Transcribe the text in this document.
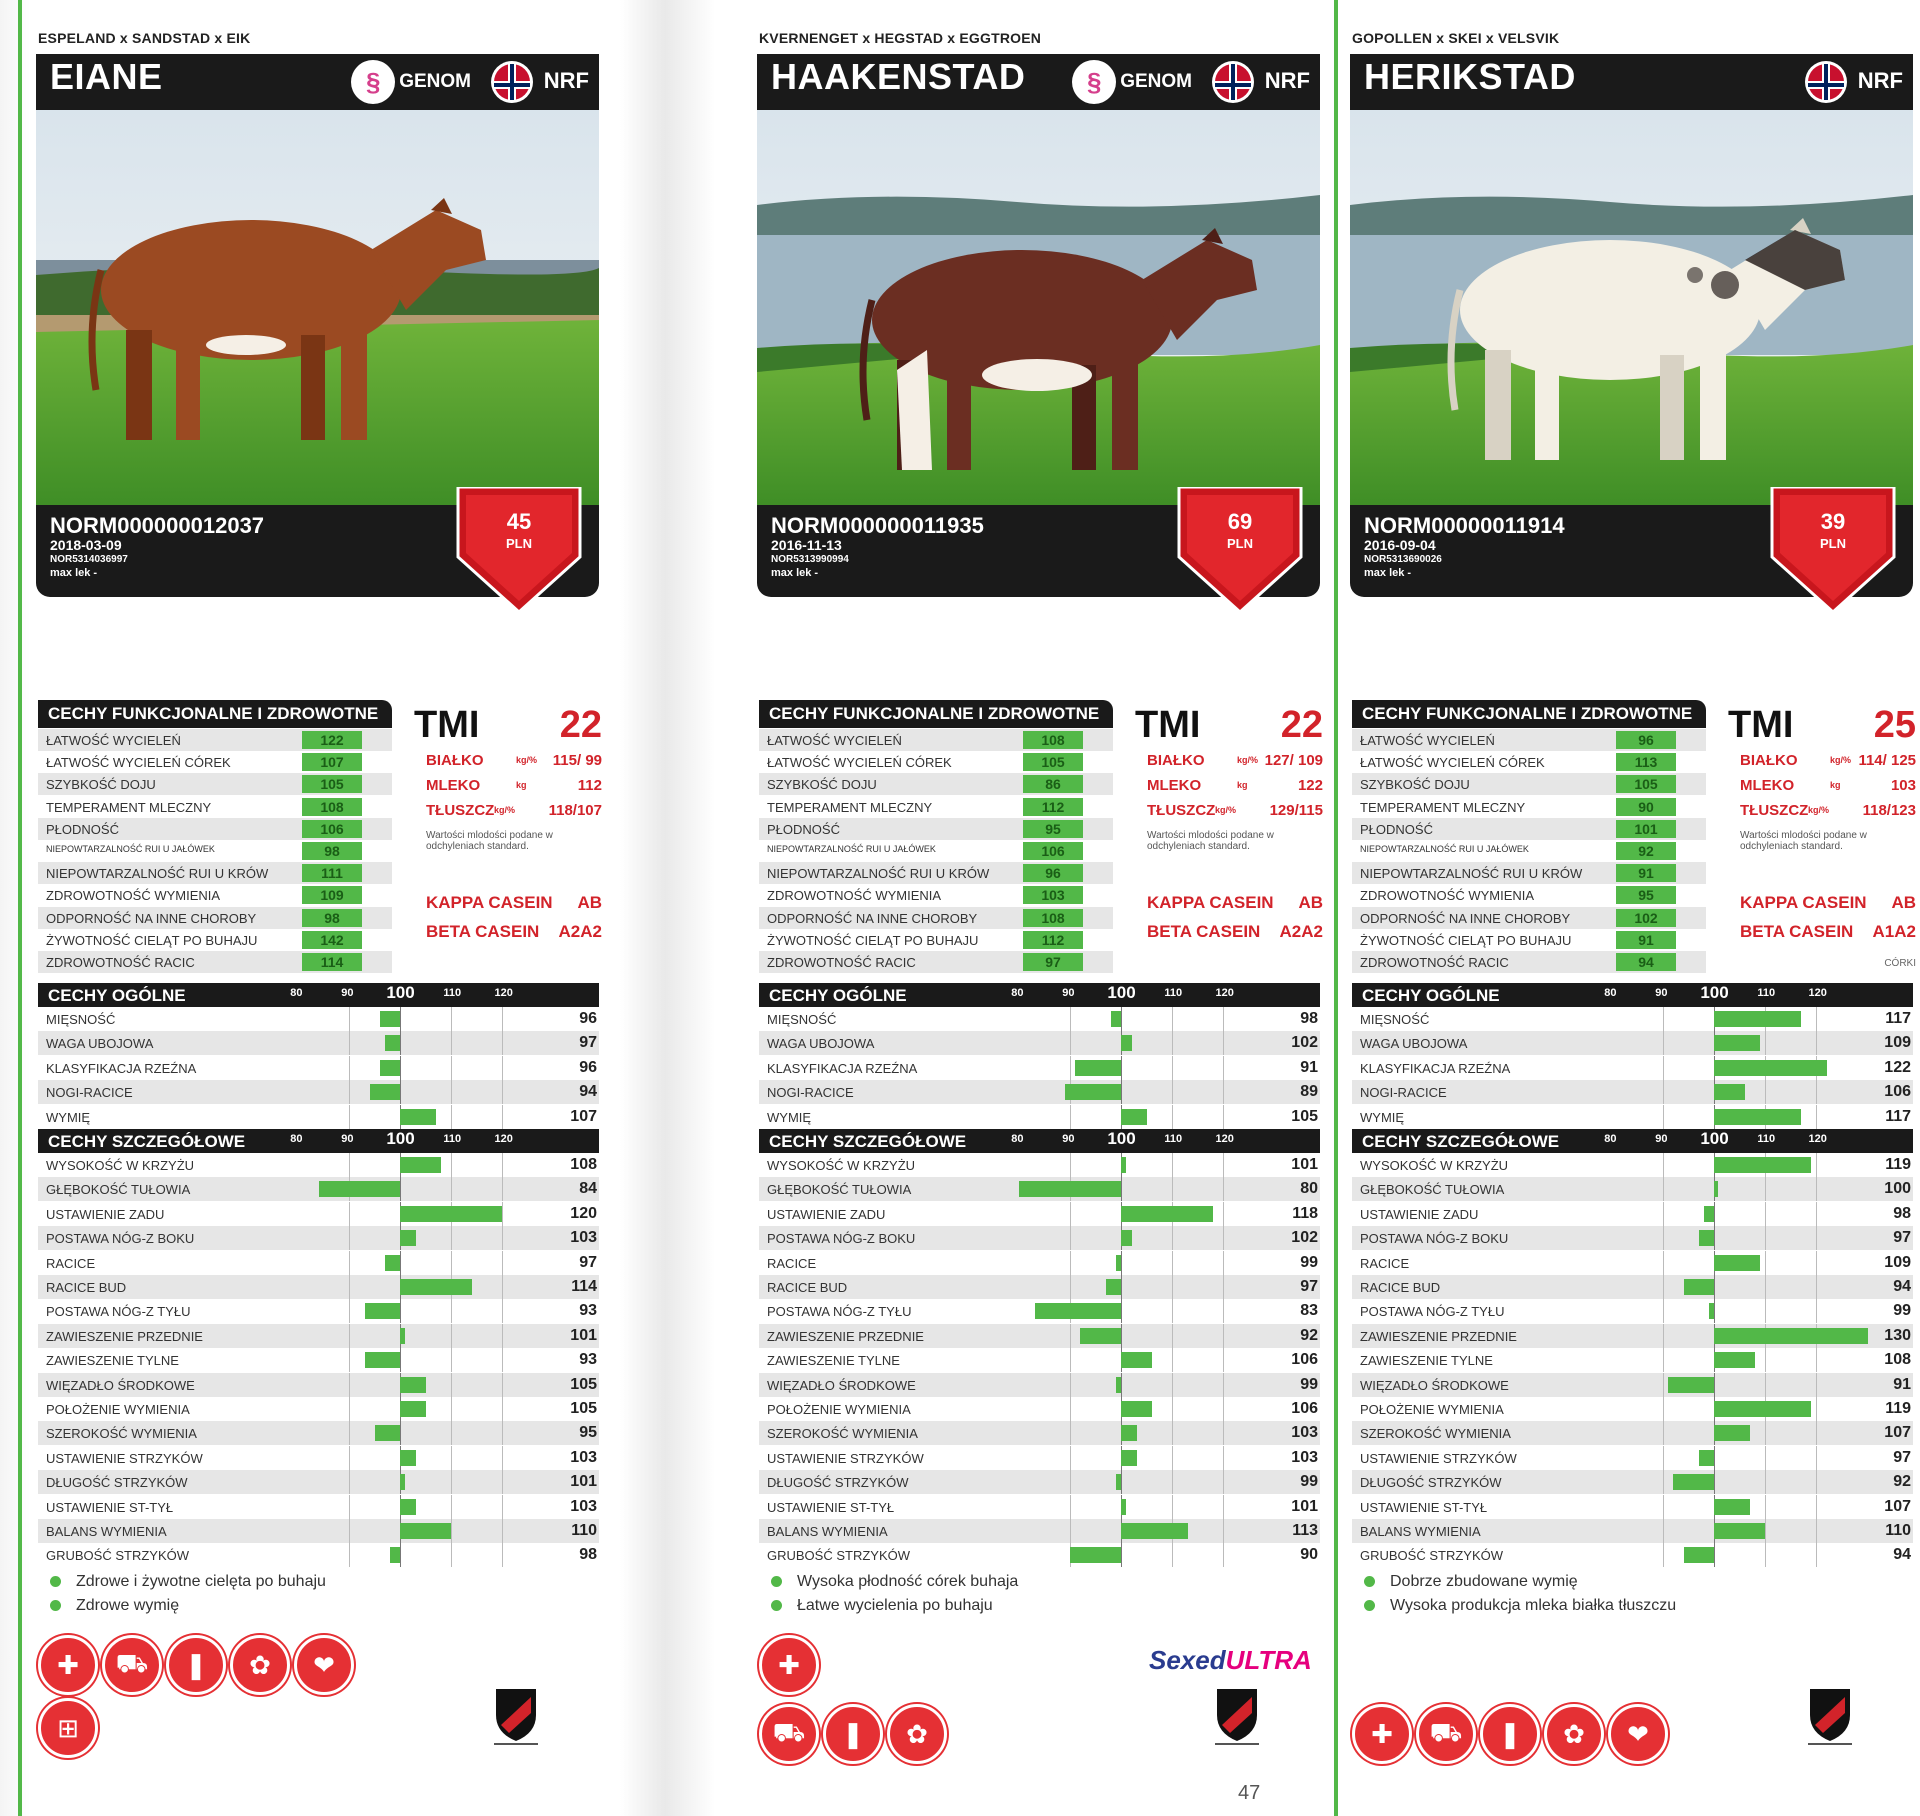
ESPELAND x SANDSTAD x EIK
EIANE	§ GENOM	NRF
NORM000000012037
2018-03-09
NOR5314036997
max lek -
45
PLN
CECHY FUNKCJONALNE I ZDROWOTNE
ŁATWOŚĆ WYCIELEŃ	122
ŁATWOŚĆ WYCIELEŃ CÓREK	107
SZYBKOŚĆ DOJU	105
TEMPERAMENT MLECZNY	108
PŁODNOŚĆ	106
NIEPOWTARZALNOŚĆ RUI U JAŁÓWEK	98
NIEPOWTARZALNOŚĆ RUI U KRÓW	111
ZDROWOTNOŚĆ WYMIENIA	109
ODPORNOŚĆ NA INNE CHOROBY	98
ŻYWOTNOŚĆ CIELĄT PO BUHAJU	142
ZDROWOTNOŚĆ RACIC	114
TMI 22
BIAŁKO	kg/% 115/ 99
MLEKO	kg	112
TŁUSZCZ kg/% 118/107
Wartości mlodości podane w odchyleniach standard.
KAPPA CASEIN AB
BETA CASEIN A2A2
CECHY OGÓLNE	80	90 100	110	120
MIĘSNOŚĆ	96
WAGA UBOJOWA	97
KLASYFIKACJA RZEŹNA	96
NOGI-RACICE	94
WYMIĘ	107
CECHY SZCZEGÓŁOWE	80	90 100	110	120
WYSOKOŚĆ W KRZYŻU	108
GŁĘBOKOŚĆ TUŁOWIA	84
USTAWIENIE ZADU	120
POSTAWA NÓG-Z BOKU	103
RACICE	97
RACICE BUD	114
POSTAWA NÓG-Z TYŁU	93
ZAWIESZENIE PRZEDNIE	101
ZAWIESZENIE TYLNE	93
WIĘZADŁO ŚRODKOWE	105
POŁOŻENIE WYMIENIA	105
SZEROKOŚĆ WYMIENIA	95
USTAWIENIE STRZYKÓW	103
DŁUGOŚĆ STRZYKÓW	101
USTAWIENIE ST-TYŁ	103
BALANS WYMIENIA	110
GRUBOŚĆ STRZYKÓW	98
Zdrowe i żywotne cielęta po buhaju
Zdrowe wymię
✚	⛟	❚	✿	❤
⊞
KVERNENGET x HEGSTAD x EGGTROEN
HAAKENSTAD	§ GENOM	NRF
NORM000000011935
2016-11-13
NOR5313990994
max lek -
69
PLN
CECHY FUNKCJONALNE I ZDROWOTNE
ŁATWOŚĆ WYCIELEŃ	108
ŁATWOŚĆ WYCIELEŃ CÓREK	105
SZYBKOŚĆ DOJU	86
TEMPERAMENT MLECZNY	112
PŁODNOŚĆ	95
NIEPOWTARZALNOŚĆ RUI U JAŁÓWEK	106
NIEPOWTARZALNOŚĆ RUI U KRÓW	96
ZDROWOTNOŚĆ WYMIENIA	103
ODPORNOŚĆ NA INNE CHOROBY	108
ŻYWOTNOŚĆ CIELĄT PO BUHAJU	112
ZDROWOTNOŚĆ RACIC	97
TMI 22
BIAŁKO	kg/% 127/ 109
MLEKO	kg	122
TŁUSZCZ kg/% 129/115
Wartości mlodości podane w odchyleniach standard.
KAPPA CASEIN AB
BETA CASEIN A2A2
CECHY OGÓLNE	80	90 100	110	120
MIĘSNOŚĆ	98
WAGA UBOJOWA	102
KLASYFIKACJA RZEŹNA	91
NOGI-RACICE	89
WYMIĘ	105
CECHY SZCZEGÓŁOWE	80	90 100	110	120
WYSOKOŚĆ W KRZYŻU	101
GŁĘBOKOŚĆ TUŁOWIA	80
USTAWIENIE ZADU	118
POSTAWA NÓG-Z BOKU	102
RACICE	99
RACICE BUD	97
POSTAWA NÓG-Z TYŁU	83
ZAWIESZENIE PRZEDNIE	92
ZAWIESZENIE TYLNE	106
WIĘZADŁO ŚRODKOWE	99
POŁOŻENIE WYMIENIA	106
SZEROKOŚĆ WYMIENIA	103
USTAWIENIE STRZYKÓW	103
DŁUGOŚĆ STRZYKÓW	99
USTAWIENIE ST-TYŁ	101
BALANS WYMIENIA	113
GRUBOŚĆ STRZYKÓW	90
Wysoka płodność córek buhaja
Łatwe wycielenia po buhaju
✚
⛟	❚	✿
SexedULTRA
GOPOLLEN x SKEI x VELSVIK
HERIKSTAD	NRF
NORM00000011914
2016-09-04
NOR5313690026
max lek -
39
PLN
CECHY FUNKCJONALNE I ZDROWOTNE
ŁATWOŚĆ WYCIELEŃ	96
ŁATWOŚĆ WYCIELEŃ CÓREK	113
SZYBKOŚĆ DOJU	105
TEMPERAMENT MLECZNY	90
PŁODNOŚĆ	101
NIEPOWTARZALNOŚĆ RUI U JAŁÓWEK	92
NIEPOWTARZALNOŚĆ RUI U KRÓW	91
ZDROWOTNOŚĆ WYMIENIA	95
ODPORNOŚĆ NA INNE CHOROBY	102
ŻYWOTNOŚĆ CIELĄT PO BUHAJU	91
ZDROWOTNOŚĆ RACIC	94
TMI 25
BIAŁKO	kg/% 114/ 125
MLEKO	kg	103
TŁUSZCZ kg/% 118/123
Wartości mlodości podane w odchyleniach standard.
KAPPA CASEIN AB
BETA CASEIN A1A2
CÓRKI
CECHY OGÓLNE	80	90 100	110	120
MIĘSNOŚĆ	117
WAGA UBOJOWA	109
KLASYFIKACJA RZEŹNA	122
NOGI-RACICE	106
WYMIĘ	117
CECHY SZCZEGÓŁOWE	80	90 100	110	120
WYSOKOŚĆ W KRZYŻU	119
GŁĘBOKOŚĆ TUŁOWIA	100
USTAWIENIE ZADU	98
POSTAWA NÓG-Z BOKU	97
RACICE	109
RACICE BUD	94
POSTAWA NÓG-Z TYŁU	99
ZAWIESZENIE PRZEDNIE	130
ZAWIESZENIE TYLNE	108
WIĘZADŁO ŚRODKOWE	91
POŁOŻENIE WYMIENIA	119
SZEROKOŚĆ WYMIENIA	107
USTAWIENIE STRZYKÓW	97
DŁUGOŚĆ STRZYKÓW	92
USTAWIENIE ST-TYŁ	107
BALANS WYMIENIA	110
GRUBOŚĆ STRZYKÓW	94
Dobrze zbudowane wymię
Wysoka produkcja mleka białka tłuszczu
✚	⛟	❚	✿	❤
47
